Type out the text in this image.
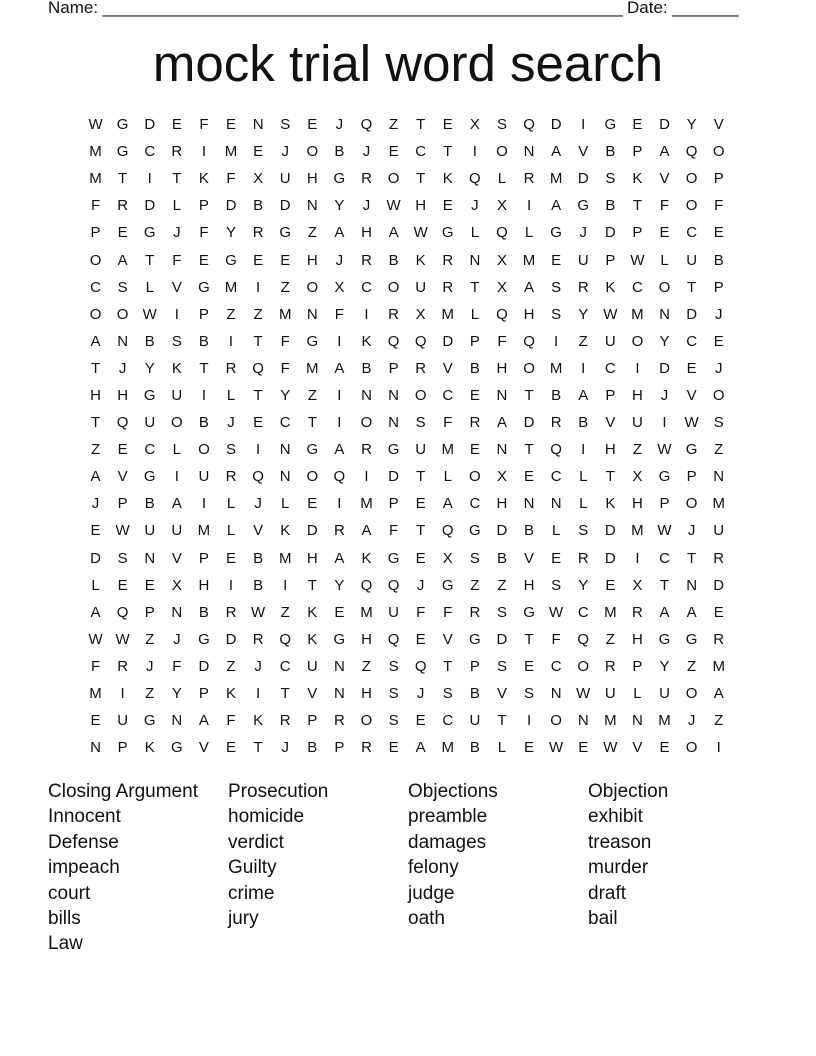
Name: _______________________________________________________ Date: _______
mock trial word search
W G	D	E	F	E	N	S	E	J	Q	Z	T	E	X	S	Q	D	I	G	E	D	Y	V
M	G	C	R	I	M	E	J	O	B	J	E	C	T	I	O	N	A	V	B	P	A	Q	O
M	T	I	T	K	F	X	U	H	G	R	O	T	K	Q	L	R	M	D	S	K	V	O	P
F	R	D	L	P	D	B	D	N	Y	J	W H	E	J	X	I	A	G	B	T	F	O	F
P	E	G	J	F	Y	R	G	Z	A	H	A	W G	L	Q	L	G	J	D	P	E	C	E
O	A	T	F	E	G	E	E	H	J	R	B	K	R	N	X	M	E	U	P	W	L	U	B
C	S	L	V	G	M	I	Z	O	X	C	O	U	R	T	X	A	S	R	K	C	O	T	P
O	O W	I	P	Z	Z	M	N	F	I	R	X	M	L	Q	H	S	Y	W M	N	D	J
A	N	B	S	B	I	T	F	G	I	K	Q	Q	D	P	F	Q	I	Z	U	O	Y	C	E
T	J	Y	K	T	R	Q	F	M	A	B	P	R	V	B	H	O	M	I	C	I	D	E	J
H	H	G	U	I	L	T	Y	Z	I	N	N	O	C	E	N	T	B	A	P	H	J	V	O
T	Q	U	O	B	J	E	C	T	I	O	N	S	F	R	A	D	R	B	V	U	I	W	S
Z	E	C	L	O	S	I	N	G	A	R	G	U	M	E	N	T	Q	I	H	Z	W G	Z
A	V	G	I	U	R	Q	N	O	Q	I	D	T	L	O	X	E	C	L	T	X	G	P	N
J	P	B	A	I	L	J	L	E	I	M	P	E	A	C	H	N	N	L	K	H	P	O	M
E	W U	U	M	L	V	K	D	R	A	F	T	Q	G	D	B	L	S	D	M W	J	U
D	S	N	V	P	E	B	M	H	A	K	G	E	X	S	B	V	E	R	D	I	C	T	R
L	E	E	X	H	I	B	I	T	Y	Q	Q	J	G	Z	Z	H	S	Y	E	X	T	N	D
A	Q	P	N	B	R W	Z	K	E	M	U	F	F	R	S	G W C	M	R	A	A	E
W W	Z	J	G	D	R	Q	K	G	H	Q	E	V	G	D	T	F	Q	Z	H	G	G	R
F	R	J	F	D	Z	J	C	U	N	Z	S	Q	T	P	S	E	C	O	R	P	Y	Z	M
M	I	Z	Y	P	K	I	T	V	N	H	S	J	S	B	V	S	N W U	L	U	O	A
E	U	G	N	A	F	K	R	P	R	O	S	E	C	U	T	I	O	N	M	N	M	J	Z
N	P	K	G	V	E	T	J	B	P	R	E	A	M	B	L	E	W	E	W	V	E	O	I
Closing Argument	Prosecution	Objections	Objection
Innocent	homicide	preamble	exhibit
Defense	verdict	damages	treason
impeach	Guilty	felony	murder
court	crime	judge	draft
bills	jury	oath	bail
Law
